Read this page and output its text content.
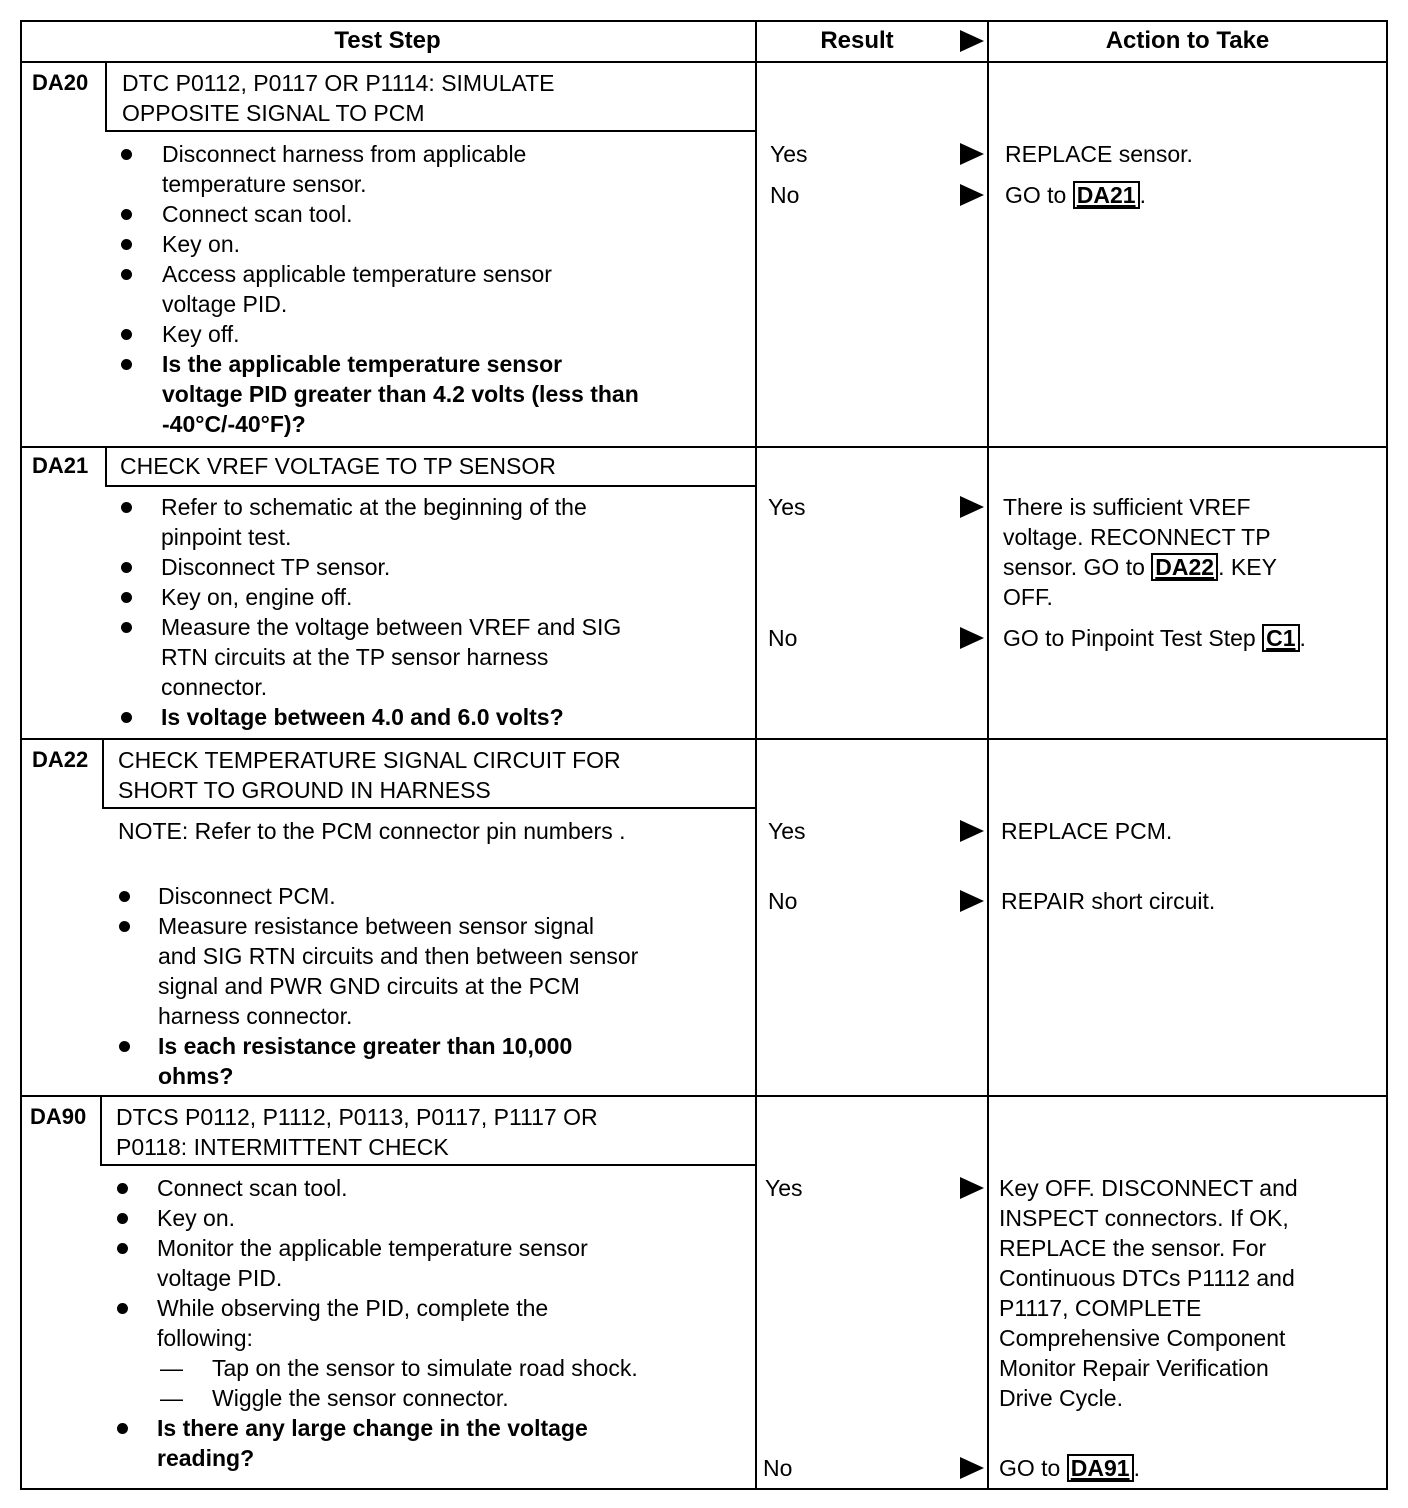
Test Step	Result	Action to Take
DA20 DTC P0112, P0117 OR P1114: SIMULATE
OPPOSITE SIGNAL TO PCM
Disconnect harness from applicable
temperature sensor.
Connect scan tool.
Key on.
Access applicable temperature sensor
voltage PID.
Key off.
Is the applicable temperature sensor
voltage PID greater than 4.2 volts (less than
-40°C/-40°F)?
Yes	REPLACE sensor.
No	GO to DA21 .
DA21 CHECK VREF VOLTAGE TO TP SENSOR
Refer to schematic at the beginning of the
pinpoint test.
Disconnect TP sensor.
Key on, engine off.
Measure the voltage between VREF and SIG
RTN circuits at the TP sensor harness
connector.
Is voltage between 4.0 and 6.0 volts?
Yes	There is sufficient VREF
voltage. RECONNECT TP
sensor. GO to DA22 . KEY
OFF.
No	GO to Pinpoint Test Step C1 .
DA22 CHECK TEMPERATURE SIGNAL CIRCUIT FOR
SHORT TO GROUND IN HARNESS
NOTE: Refer to the PCM connector pin numbers .
Disconnect PCM.
Measure resistance between sensor signal
and SIG RTN circuits and then between sensor
signal and PWR GND circuits at the PCM
harness connector.
Is each resistance greater than 10,000
ohms?
Yes	REPLACE PCM.
No	REPAIR short circuit.
DA90 DTCS P0112, P1112, P0113, P0117, P1117 OR
P0118: INTERMITTENT CHECK
Connect scan tool.
Key on.
Monitor the applicable temperature sensor
voltage PID.
While observing the PID, complete the
following:
— Tap on the sensor to simulate road shock.
— Wiggle the sensor connector.
Is there any large change in the voltage
reading?
Yes	Key OFF. DISCONNECT and
INSPECT connectors. If OK,
REPLACE the sensor. For
Continuous DTCs P1112 and
P1117, COMPLETE
Comprehensive Component
Monitor Repair Verification
Drive Cycle.
No	GO to DA91 .
